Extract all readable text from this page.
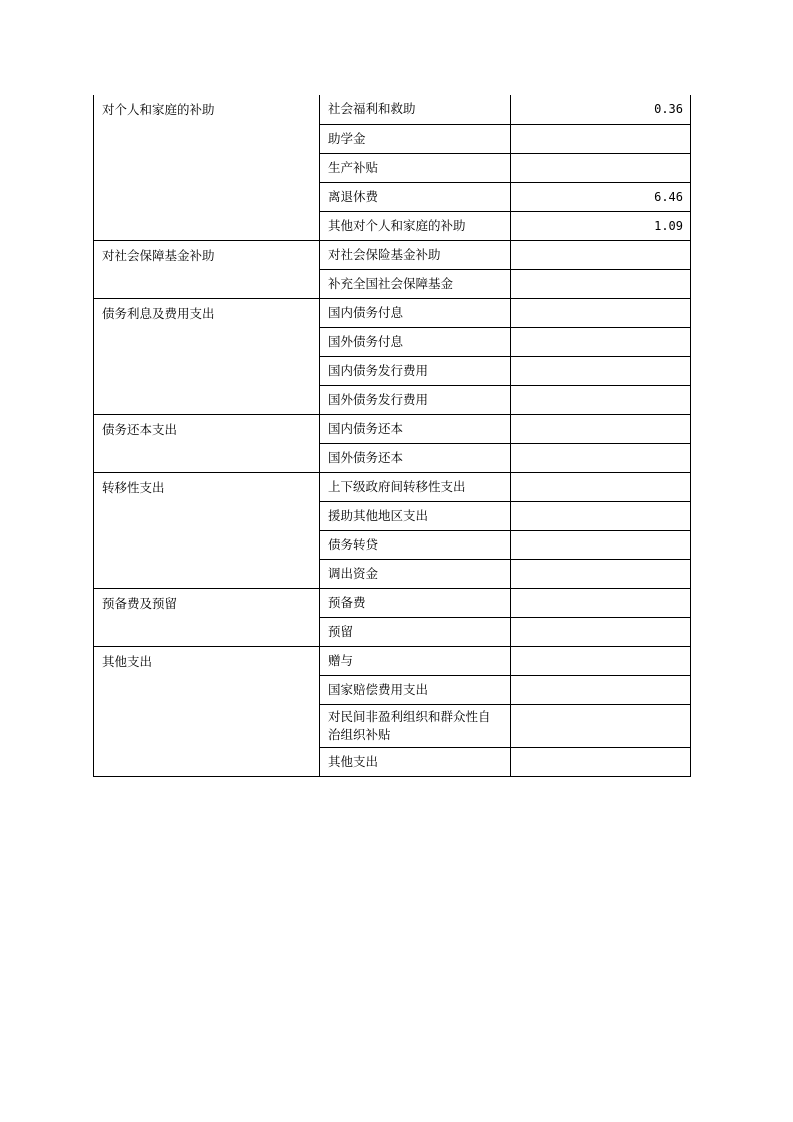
对个人和家庭的补助	社会福利和救助	0.36
	助学金	
	生产补贴	
	离退休费	6.46
	其他对个人和家庭的补助	1.09
对社会保障基金补助	对社会保险基金补助	
	补充全国社会保障基金	
债务利息及费用支出	国内债务付息	
	国外债务付息	
	国内债务发行费用	
	国外债务发行费用	
债务还本支出	国内债务还本	
	国外债务还本	
转移性支出	上下级政府间转移性支出	
	援助其他地区支出	
	债务转贷	
	调出资金	
预备费及预留	预备费	
	预留	
其他支出	赠与	
	国家赔偿费用支出	
	对民间非盈利组织和群众性自治组织补贴	
	其他支出	
